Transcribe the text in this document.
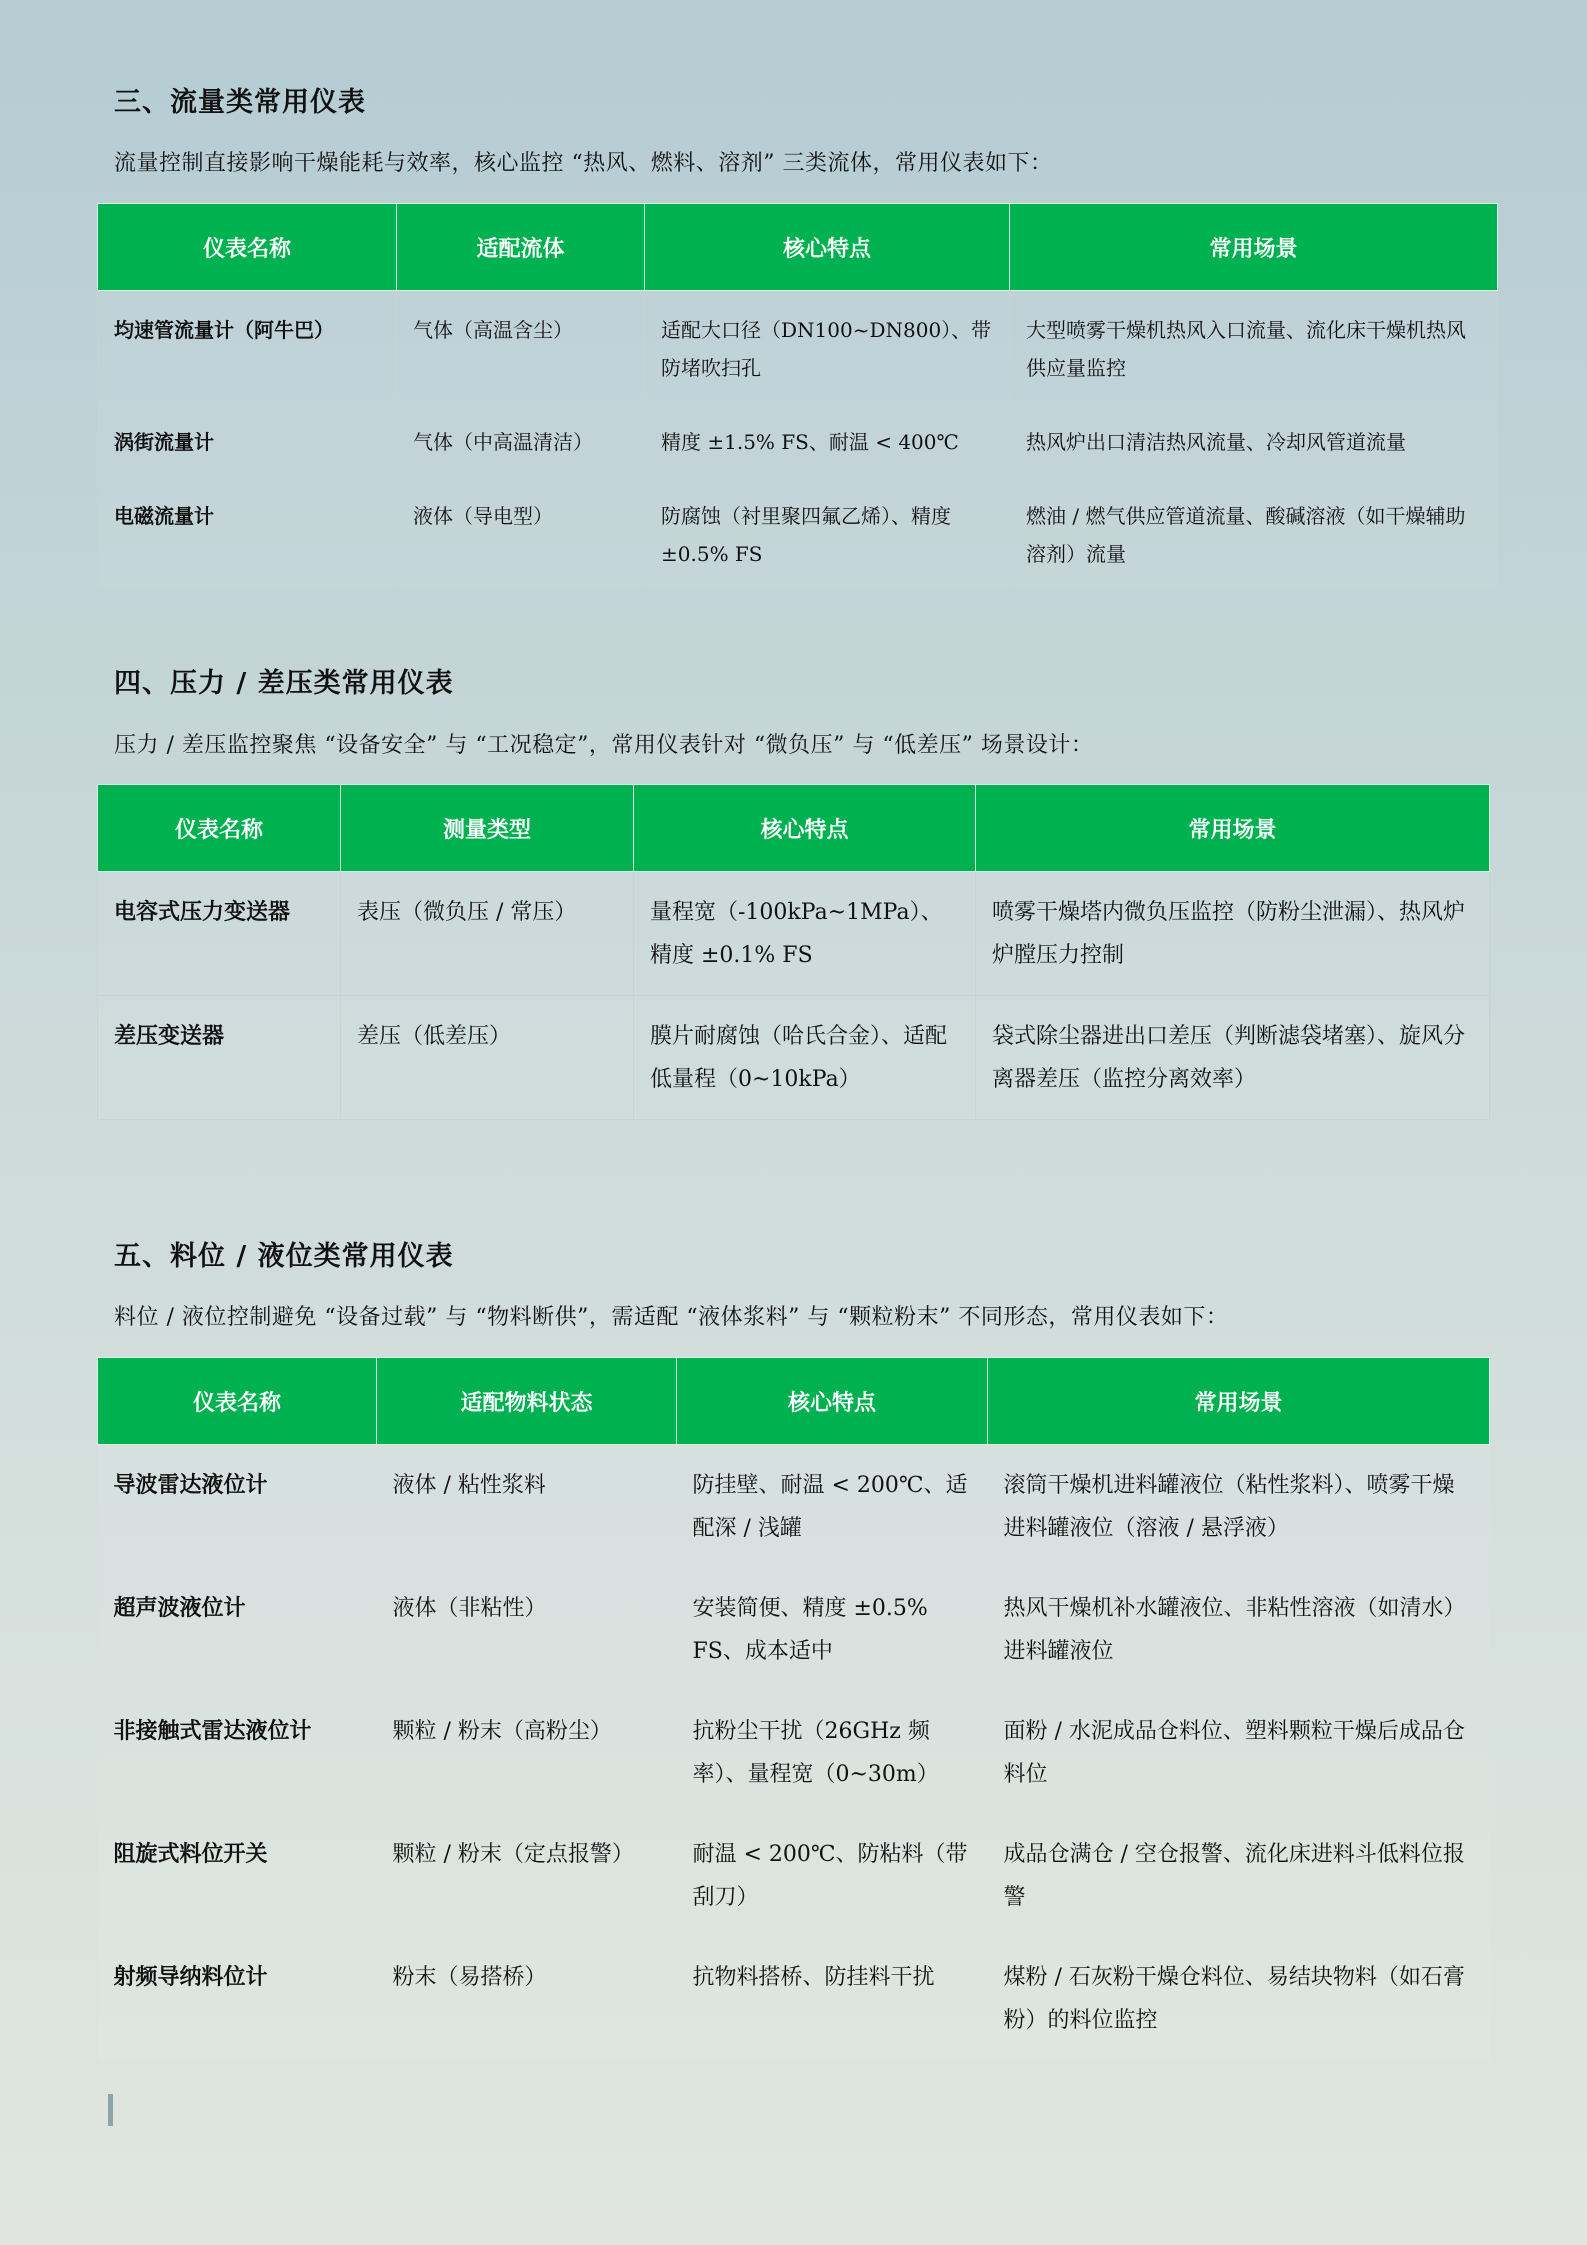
三、流量类常用仪表

流量控制直接影响干燥能耗与效率，核心监控 “热风、燃料、溶剂” 三类流体，常用仪表如下：

仪表名称	适配流体	核心特点	常用场景
均速管流量计（阿牛巴）	气体（高温含尘）	适配大口径（DN100~DN800）、带防堵吹扫孔	大型喷雾干燥机热风入口流量、流化床干燥机热风供应量监控
涡街流量计	气体（中高温清洁）	精度 ±1.5% FS、耐温 < 400℃	热风炉出口清洁热风流量、冷却风管道流量
电磁流量计	液体（导电型）	防腐蚀（衬里聚四氟乙烯）、精度 ±0.5% FS	燃油 / 燃气供应管道流量、酸碱溶液（如干燥辅助溶剂）流量
四、压力 / 差压类常用仪表

压力 / 差压监控聚焦 “设备安全” 与 “工况稳定”，常用仪表针对 “微负压” 与 “低差压” 场景设计：

仪表名称	测量类型	核心特点	常用场景
电容式压力变送器	表压（微负压 / 常压）	量程宽（-100kPa~1MPa）、精度 ±0.1% FS	喷雾干燥塔内微负压监控（防粉尘泄漏）、热风炉炉膛压力控制
差压变送器	差压（低差压）	膜片耐腐蚀（哈氏合金）、适配低量程（0~10kPa）	袋式除尘器进出口差压（判断滤袋堵塞）、旋风分离器差压（监控分离效率）
五、料位 / 液位类常用仪表

料位 / 液位控制避免 “设备过载” 与 “物料断供”，需适配 “液体浆料” 与 “颗粒粉末” 不同形态，常用仪表如下：

仪表名称	适配物料状态	核心特点	常用场景
导波雷达液位计	液体 / 粘性浆料	防挂壁、耐温 < 200℃、适配深 / 浅罐	滚筒干燥机进料罐液位（粘性浆料）、喷雾干燥进料罐液位（溶液 / 悬浮液）
超声波液位计	液体（非粘性）	安装简便、精度 ±0.5% FS、成本适中	热风干燥机补水罐液位、非粘性溶液（如清水）进料罐液位
非接触式雷达液位计	颗粒 / 粉末（高粉尘）	抗粉尘干扰（26GHz 频率）、量程宽（0~30m）	面粉 / 水泥成品仓料位、塑料颗粒干燥后成品仓料位
阻旋式料位开关	颗粒 / 粉末（定点报警）	耐温 < 200℃、防粘料（带刮刀）	成品仓满仓 / 空仓报警、流化床进料斗低料位报警
射频导纳料位计	粉末（易搭桥）	抗物料搭桥、防挂料干扰	煤粉 / 石灰粉干燥仓料位、易结块物料（如石膏粉）的料位监控
